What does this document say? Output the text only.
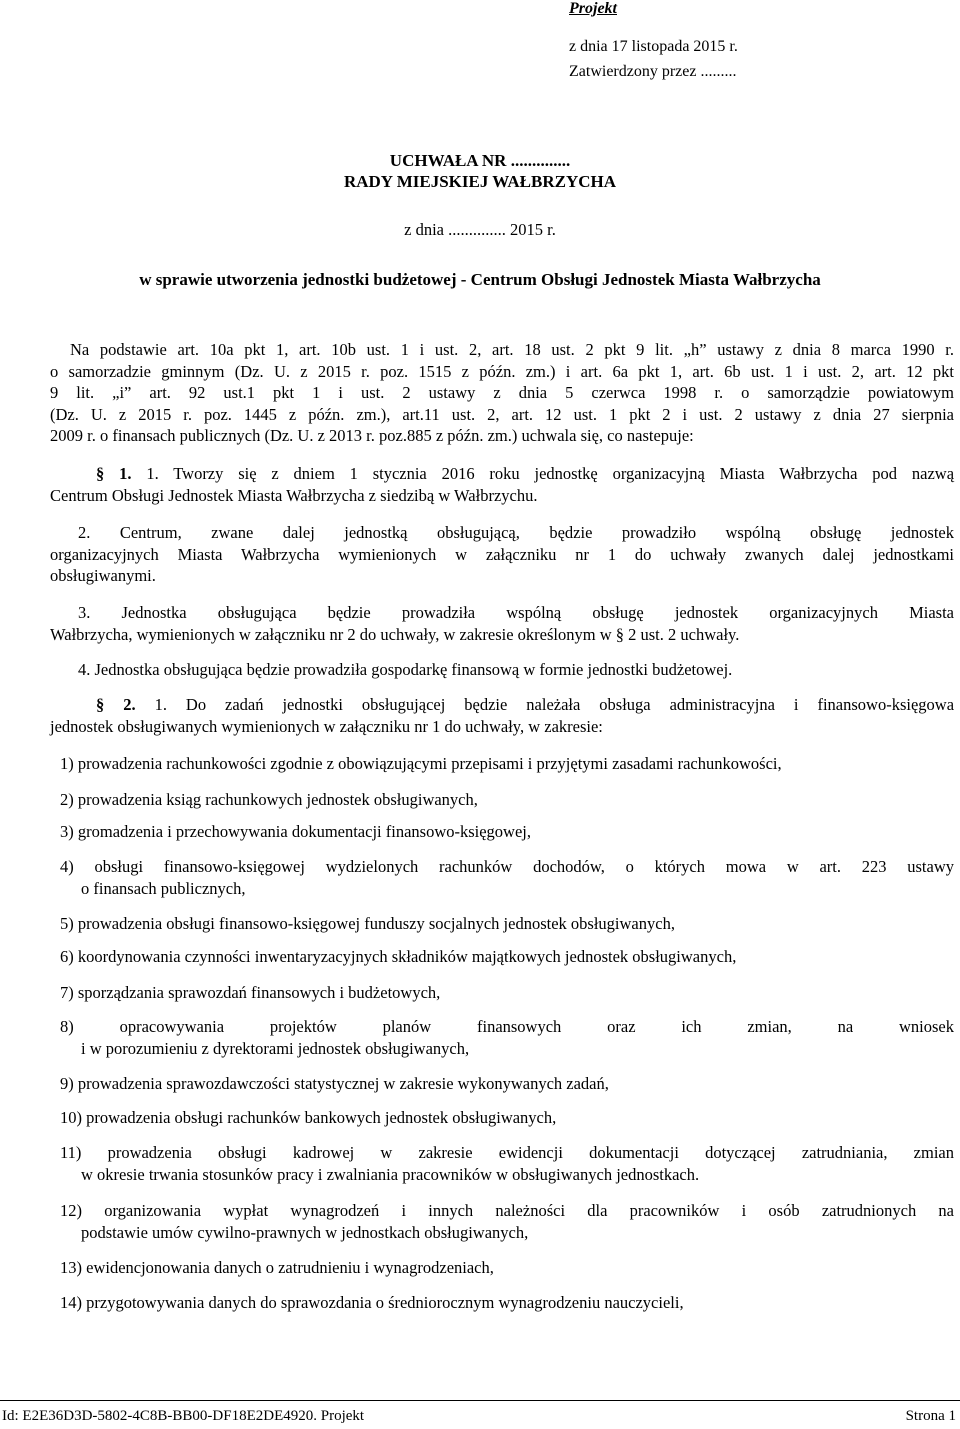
Projekt
z dnia 17 listopada 2015 r.
Zatwierdzony przez .........
UCHWAŁA NR ..............
RADY MIEJSKIEJ WAŁBRZYCHA
z dnia .............. 2015 r.
w sprawie utworzenia jednostki budżetowej - Centrum Obsługi Jednostek Miasta Wałbrzycha
Na podstawie art. 10a pkt 1, art. 10b ust. 1 i ust. 2, art. 18 ust. 2 pkt 9 lit. „h” ustawy z dnia 8 marca 1990 r.
o samorzadzie gminnym (Dz. U. z 2015 r. poz. 1515 z późn. zm.) i art. 6a pkt 1, art. 6b ust. 1 i ust. 2, art. 12 pkt
9 lit. „i” art. 92 ust.1 pkt 1 i ust. 2 ustawy z dnia 5 czerwca 1998 r. o samorządzie powiatowym
(Dz. U. z 2015 r. poz. 1445 z późn. zm.), art.11 ust. 2, art. 12 ust. 1 pkt 2 i ust. 2 ustawy z dnia 27 sierpnia
2009 r. o finansach publicznych (Dz. U. z 2013 r. poz.885 z późn. zm.) uchwala się, co nastepuje:
§ 1. 1. Tworzy się z dniem 1 stycznia 2016 roku jednostkę organizacyjną Miasta Wałbrzycha pod nazwą
Centrum Obsługi Jednostek Miasta Wałbrzycha z siedzibą w Wałbrzychu.
2. Centrum, zwane dalej jednostką obsługującą, będzie prowadziło wspólną obsługę jednostek
organizacyjnych Miasta Wałbrzycha wymienionych w załączniku nr 1 do uchwały zwanych dalej jednostkami
obsługiwanymi.
3. Jednostka obsługująca będzie prowadziła wspólną obsługę jednostek organizacyjnych Miasta
Wałbrzycha, wymienionych w załączniku nr 2 do uchwały, w zakresie określonym w § 2 ust. 2 uchwały.
4. Jednostka obsługująca będzie prowadziła gospodarkę finansową w formie jednostki budżetowej.
§ 2. 1. Do zadań jednostki obsługującej będzie należała obsługa administracyjna i finansowo-księgowa
jednostek obsługiwanych wymienionych w załączniku nr 1 do uchwały, w zakresie:
1) prowadzenia rachunkowości zgodnie z obowiązującymi przepisami i przyjętymi zasadami rachunkowości,
2) prowadzenia ksiąg rachunkowych jednostek obsługiwanych,
3) gromadzenia i przechowywania dokumentacji finansowo-księgowej,
4) obsługi finansowo-księgowej wydzielonych rachunków dochodów, o których mowa w art. 223 ustawy
o finansach publicznych,
5) prowadzenia obsługi finansowo-księgowej funduszy socjalnych jednostek obsługiwanych,
6) koordynowania czynności inwentaryzacyjnych składników majątkowych jednostek obsługiwanych,
7) sporządzania sprawozdań finansowych i budżetowych,
8) opracowywania projektów planów finansowych oraz ich zmian, na wniosek
i w porozumieniu z dyrektorami jednostek obsługiwanych,
9) prowadzenia sprawozdawczości statystycznej w zakresie wykonywanych zadań,
10) prowadzenia obsługi rachunków bankowych jednostek obsługiwanych,
11) prowadzenia obsługi kadrowej w zakresie ewidencji dokumentacji dotyczącej zatrudniania, zmian
w okresie trwania stosunków pracy i zwalniania pracowników w obsługiwanych jednostkach.
12) organizowania wypłat wynagrodzeń i innych należności dla pracowników i osób zatrudnionych na
podstawie umów cywilno-prawnych w jednostkach obsługiwanych,
13) ewidencjonowania danych o zatrudnieniu i wynagrodzeniach,
14) przygotowywania danych do sprawozdania o średniorocznym wynagrodzeniu nauczycieli,
Id: E2E36D3D-5802-4C8B-BB00-DF18E2DE4920. Projekt	Strona 1
